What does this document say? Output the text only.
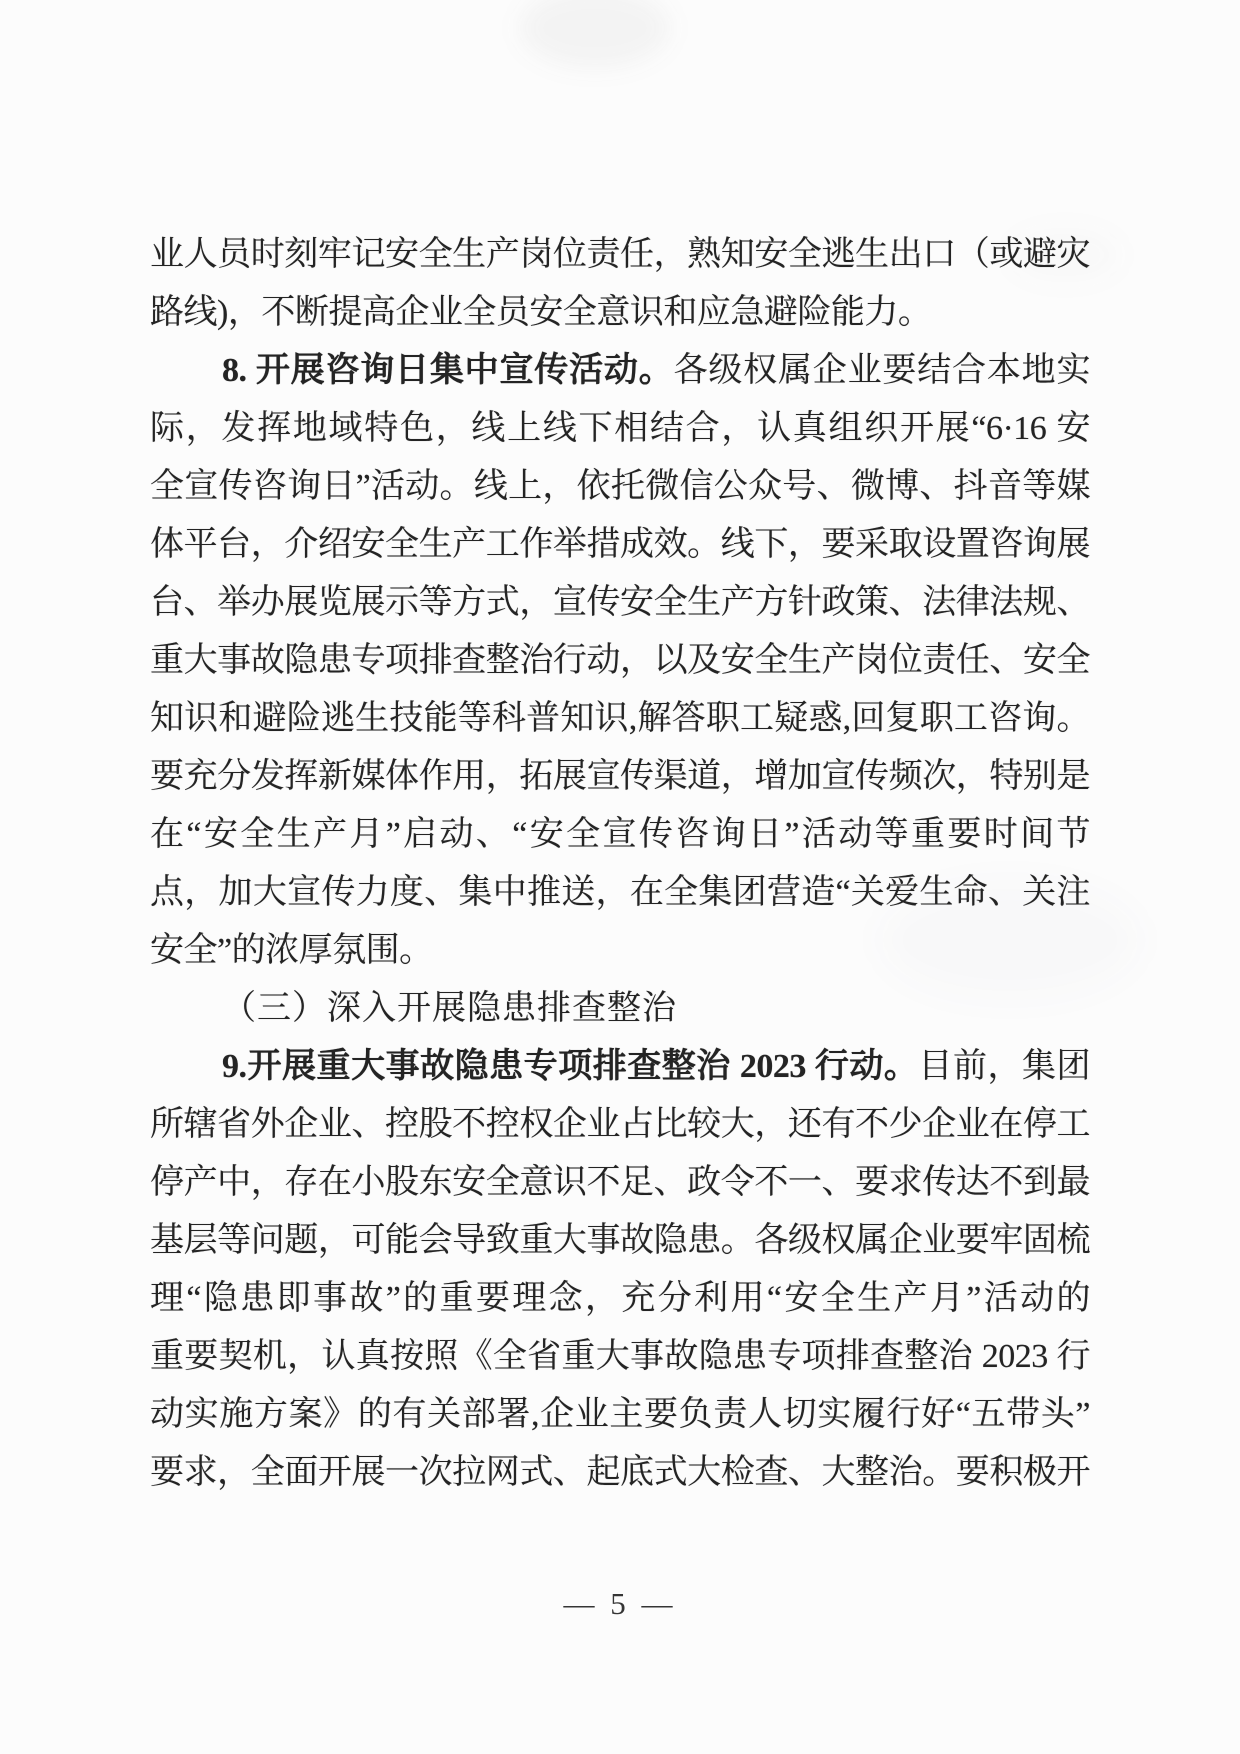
业人员时刻牢记安全生产岗位责任，熟知安全逃生出口（或避灾
路线)，不断提高企业全员安全意识和应急避险能力。
8. 开展咨询日集中宣传活动。各级权属企业要结合本地实
际，发挥地域特色，线上线下相结合，认真组织开展“6·16 安
全宣传咨询日”活动。线上，依托微信公众号、微博、抖音等媒
体平台，介绍安全生产工作举措成效。线下，要采取设置咨询展
台、举办展览展示等方式，宣传安全生产方针政策、法律法规、
重大事故隐患专项排查整治行动，以及安全生产岗位责任、安全
知识和避险逃生技能等科普知识,解答职工疑惑,回复职工咨询。
要充分发挥新媒体作用，拓展宣传渠道，增加宣传频次，特别是
在“安全生产月”启动、“安全宣传咨询日”活动等重要时间节
点，加大宣传力度、集中推送，在全集团营造“关爱生命、关注
安全”的浓厚氛围。
（三）深入开展隐患排查整治
9.开展重大事故隐患专项排查整治 2023 行动。目前，集团
所辖省外企业、控股不控权企业占比较大，还有不少企业在停工
停产中，存在小股东安全意识不足、政令不一、要求传达不到最
基层等问题，可能会导致重大事故隐患。各级权属企业要牢固梳
理“隐患即事故”的重要理念，充分利用“安全生产月”活动的
重要契机，认真按照《全省重大事故隐患专项排查整治 2023 行
动实施方案》的有关部署,企业主要负责人切实履行好“五带头”
要求，全面开展一次拉网式、起底式大检查、大整治。要积极开
— 5 —
